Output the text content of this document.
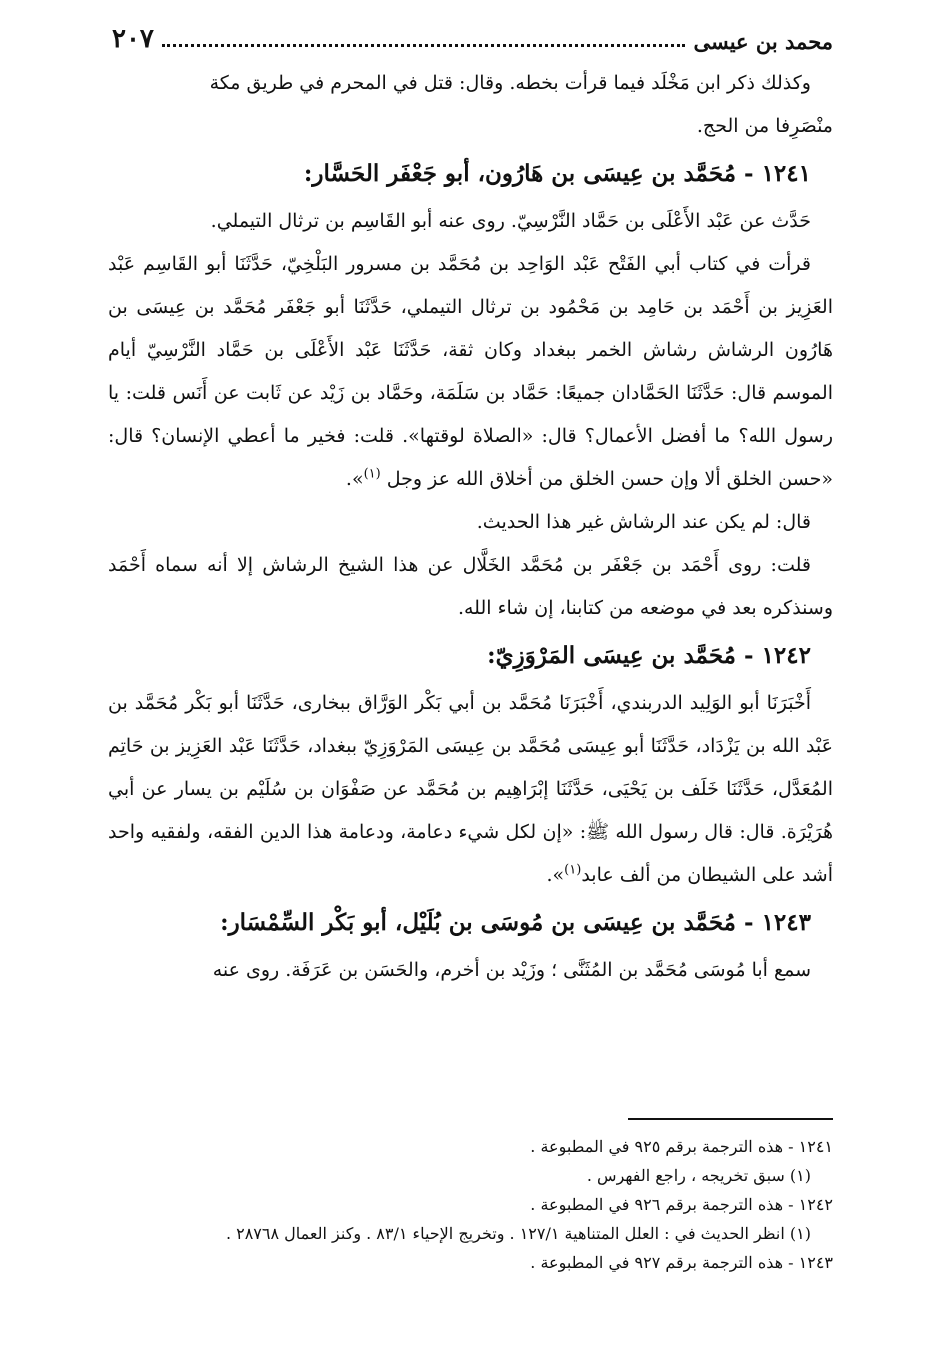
محمد بن عيسى
٢٠٧

وكذلك ذكر ابن مَخْلَد فيما قرأت بخطه. وقال: قتل في المحرم في طريق مكة
منْصَرِفا من الحج.

١٢٤١ - مُحَمَّد بن عِيسَى بن هَارُون، أبو جَعْفَر الحَسَّار:

حَدَّث عن عَبْد الأَعْلَى بن حَمَّاد النَّرْسِيّ. روى عنه أبو القَاسِم بن ترثال التيملي.

قرأت في كتاب أبي الفَتْح عَبْد الوَاحِد بن مُحَمَّد بن مسرور البَلْخِيّ، حَدَّثَنَا أبو القَاسِم عَبْد العَزِيز بن أَحْمَد بن حَامِد بن مَحْمُود بن ترثال التيملي، حَدَّثَنَا أبو جَعْفَر مُحَمَّد بن عِيسَى بن هَارُون الرشاش رشاش الخمر ببغداد وكان ثقة، حَدَّثَنَا عَبْد الأَعْلَى بن حَمَّاد النَّرْسِيّ أيام الموسم قال: حَدَّثَنَا الحَمَّادان جميعًا: حَمَّاد بن سَلَمَة، وحَمَّاد بن زَيْد عن ثَابت عن أَنَس قلت: يا رسول الله؟ ما أفضل الأعمال؟ قال: «الصلاة لوقتها». قلت: فخير ما أعطي الإنسان؟ قال: «حسن الخلق ألا وإن حسن الخلق من أخلاق الله عز وجل $^{(١)}$».

قال: لم يكن عند الرشاش غير هذا الحديث.

قلت: روى أَحْمَد بن جَعْفَر بن مُحَمَّد الخَلَّال عن هذا الشيخ الرشاش إلا أنه سماه أَحْمَد وسنذكره بعد في موضعه من كتابنا، إن شاء الله.

١٢٤٢ - مُحَمَّد بن عِيسَى المَرْوَزِيّ:

أَخْبَرَنَا أبو الوَلِيد الدربندي، أَخْبَرَنَا مُحَمَّد بن أبي بَكْر الوَرَّاق ببخارى، حَدَّثَنَا أبو بَكْر مُحَمَّد بن عَبْد الله بن يَزْدَاد، حَدَّثَنَا أبو عِيسَى مُحَمَّد بن عِيسَى المَرْوَزِيّ ببغداد، حَدَّثَنَا عَبْد العَزِيز بن حَاتِم المُعَدَّل، حَدَّثَنَا خَلَف بن يَحْيَى، حَدَّثَنَا إبْرَاهِيم بن مُحَمَّد عن صَفْوَان بن سُلَيْم بن يسار عن أبي هُرَيْرَة. قال: قال رسول الله ﷺ: «إن لكل شيء دعامة، ودعامة هذا الدين الفقه، ولفقيه واحد أشد على الشيطان من ألف عابد$^{(١)}$».

١٢٤٣ - مُحَمَّد بن عِيسَى بن مُوسَى بن بُلَيْل، أبو بَكْر السِّمْسَار:

سمع أبا مُوسَى مُحَمَّد بن المُثَنَّى ؛ وزَيْد بن أخرم، والحَسَن بن عَرَفَة. روى عنه

١٢٤١ - هذه الترجمة برقم ٩٢٥ في المطبوعة .
(١) سبق تخريجه ، راجع الفهرس .
١٢٤٢ - هذه الترجمة برقم ٩٢٦ في المطبوعة .
(١) انظر الحديث في : العلل المتناهية ١٢٧/١ . وتخريج الإحياء ٨٣/١ . وكنز العمال ٢٨٧٦٨ .
١٢٤٣ - هذه الترجمة برقم ٩٢٧ في المطبوعة .
